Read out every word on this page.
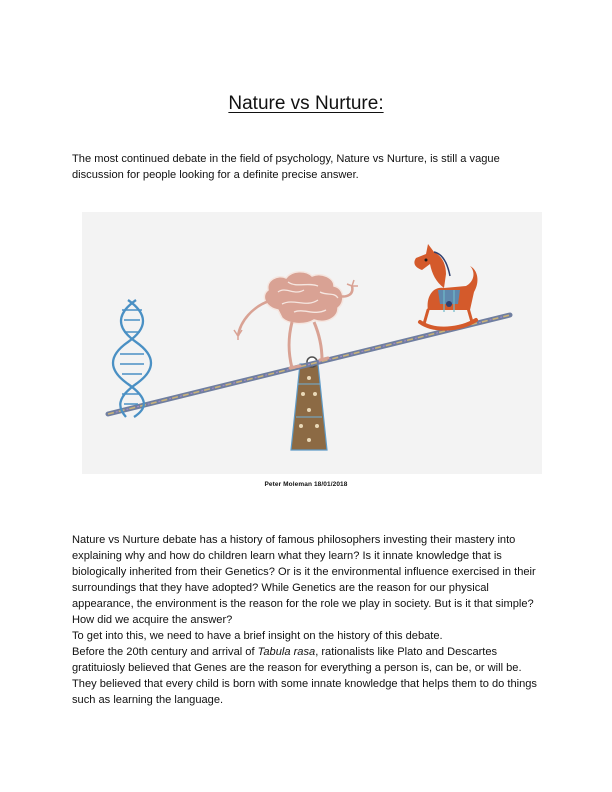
Nature vs Nurture:
The most continued debate in the field of psychology, Nature vs Nurture, is still a vague discussion for people looking for a definite precise answer.
Peter Moleman 18/01/2018

Nature vs Nurture debate has a history of famous philosophers investing their mastery into explaining why and how do children learn what they learn? Is it innate knowledge that is biologically inherited from their Genetics? Or is it the environmental influence exercised in their surroundings that they have adopted? While Genetics are the reason for our physical appearance, the environment is the reason for the role we play in society. But is it that simple? How did we acquire the answer?

To get into this, we need to have a brief insight on the history of this debate.

Before the 20th century and arrival of Tabula rasa, rationalists like Plato and Descartes gratituiosly believed that Genes are the reason for everything a person is, can be, or will be. They believed that every child is born with some innate knowledge that helps them to do things such as learning the language.
